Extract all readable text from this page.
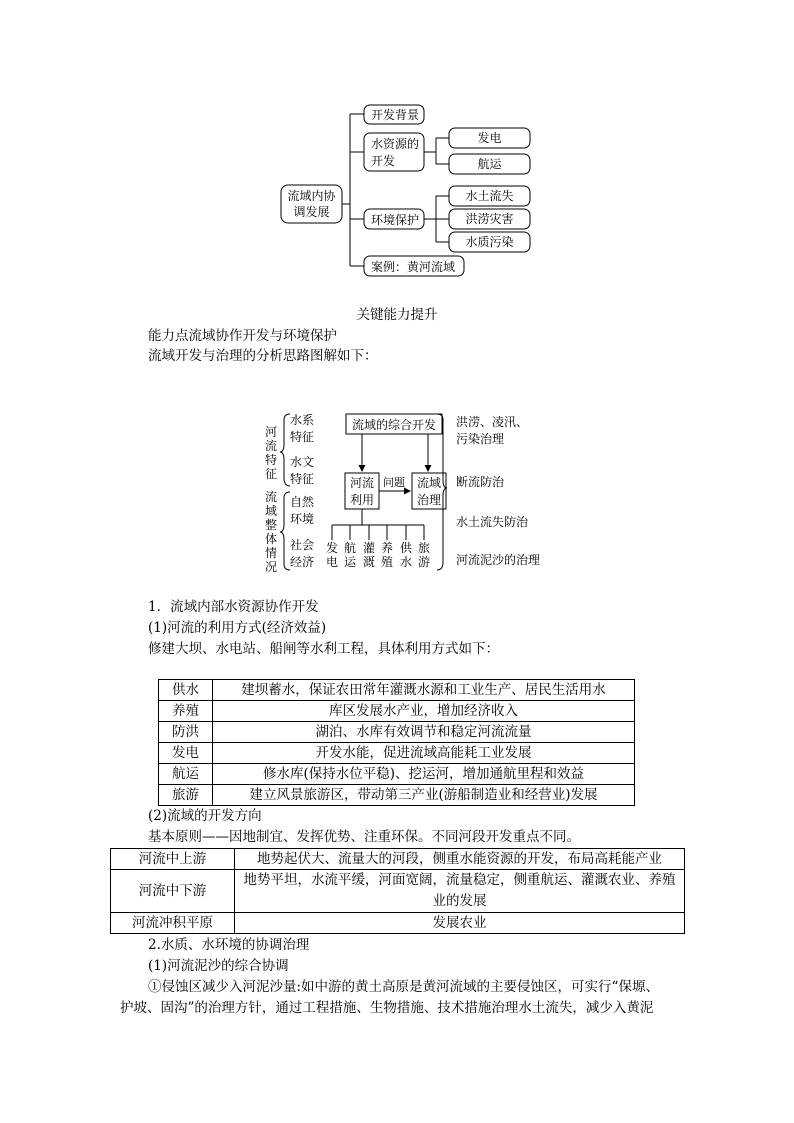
流域内协
调发展
开发背景
水资源的
开发
环境保护
案例：黄河流域
发电
航运
水土流失
洪涝灾害
水质污染
关键能力提升
能力点流域协作开发与环境保护
流域开发与治理的分析思路图解如下：
河
流
特
征
流
域
整
体
情
况
水系
特征
水文
特征
自然
环境
社会
经济
流域的综合开发
河流
利用
流域
治理
问题
发
电
航
运
灌
溉
养
殖
供
水
旅
游
洪涝、凌汛、
污染治理
断流防治
水土流失防治
河流泥沙的治理
1．流域内部水资源协作开发
(1)河流的利用方式(经济效益)
修建大坝、水电站、船闸等水利工程，具体利用方式如下：
供水	建坝蓄水，保证农田常年灌溉水源和工业生产、居民生活用水
养殖	库区发展水产业，增加经济收入
防洪	湖泊、水库有效调节和稳定河流流量
发电	开发水能，促进流域高能耗工业发展
航运	修水库(保持水位平稳)、挖运河，增加通航里程和效益
旅游	建立风景旅游区，带动第三产业(游船制造业和经营业)发展
(2)流域的开发方向
基本原则——因地制宜、发挥优势、注重环保。不同河段开发重点不同。
河流中上游	地势起伏大、流量大的河段，侧重水能资源的开发，布局高耗能产业
河流中下游	地势平坦，水流平缓，河面宽阔，流量稳定，侧重航运、灌溉农业、养殖业的发展
河流冲积平原	发展农业
2.水质、水环境的协调治理
(1)河流泥沙的综合协调
①侵蚀区减少入河泥沙量:如中游的黄土高原是黄河流域的主要侵蚀区，可实行“保塬、
护坡、固沟”的治理方针，通过工程措施、生物措施、技术措施治理水土流失，减少入黄泥
